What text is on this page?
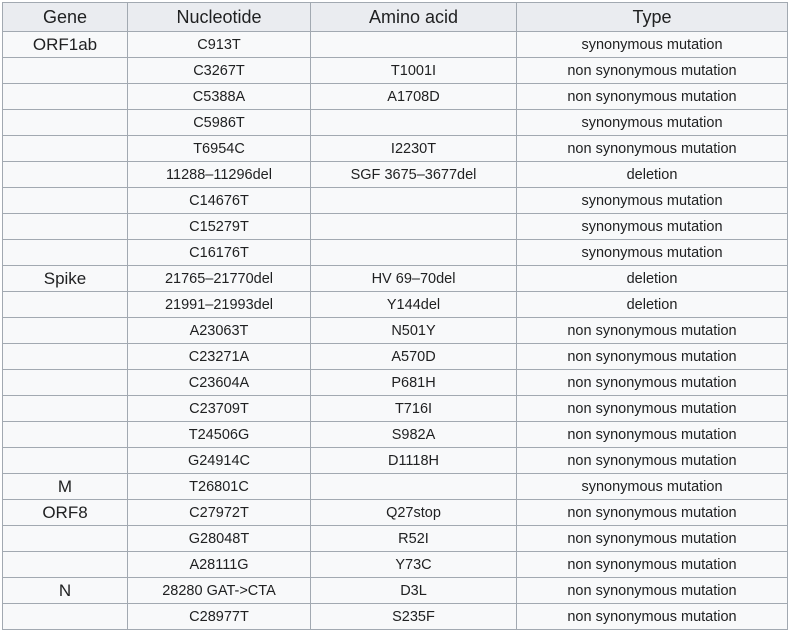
Gene	Nucleotide	Amino acid	Type
ORF1ab	C913T		synonymous mutation
	C3267T	T1001I	non synonymous mutation
	C5388A	A1708D	non synonymous mutation
	C5986T		synonymous mutation
	T6954C	I2230T	non synonymous mutation
	11288–11296del	SGF 3675–3677del	deletion
	C14676T		synonymous mutation
	C15279T		synonymous mutation
	C16176T		synonymous mutation
Spike	21765–21770del	HV 69–70del	deletion
	21991–21993del	Y144del	deletion
	A23063T	N501Y	non synonymous mutation
	C23271A	A570D	non synonymous mutation
	C23604A	P681H	non synonymous mutation
	C23709T	T716I	non synonymous mutation
	T24506G	S982A	non synonymous mutation
	G24914C	D1118H	non synonymous mutation
M	T26801C		synonymous mutation
ORF8	C27972T	Q27stop	non synonymous mutation
	G28048T	R52I	non synonymous mutation
	A28111G	Y73C	non synonymous mutation
N	28280 GAT->CTA	D3L	non synonymous mutation
	C28977T	S235F	non synonymous mutation
